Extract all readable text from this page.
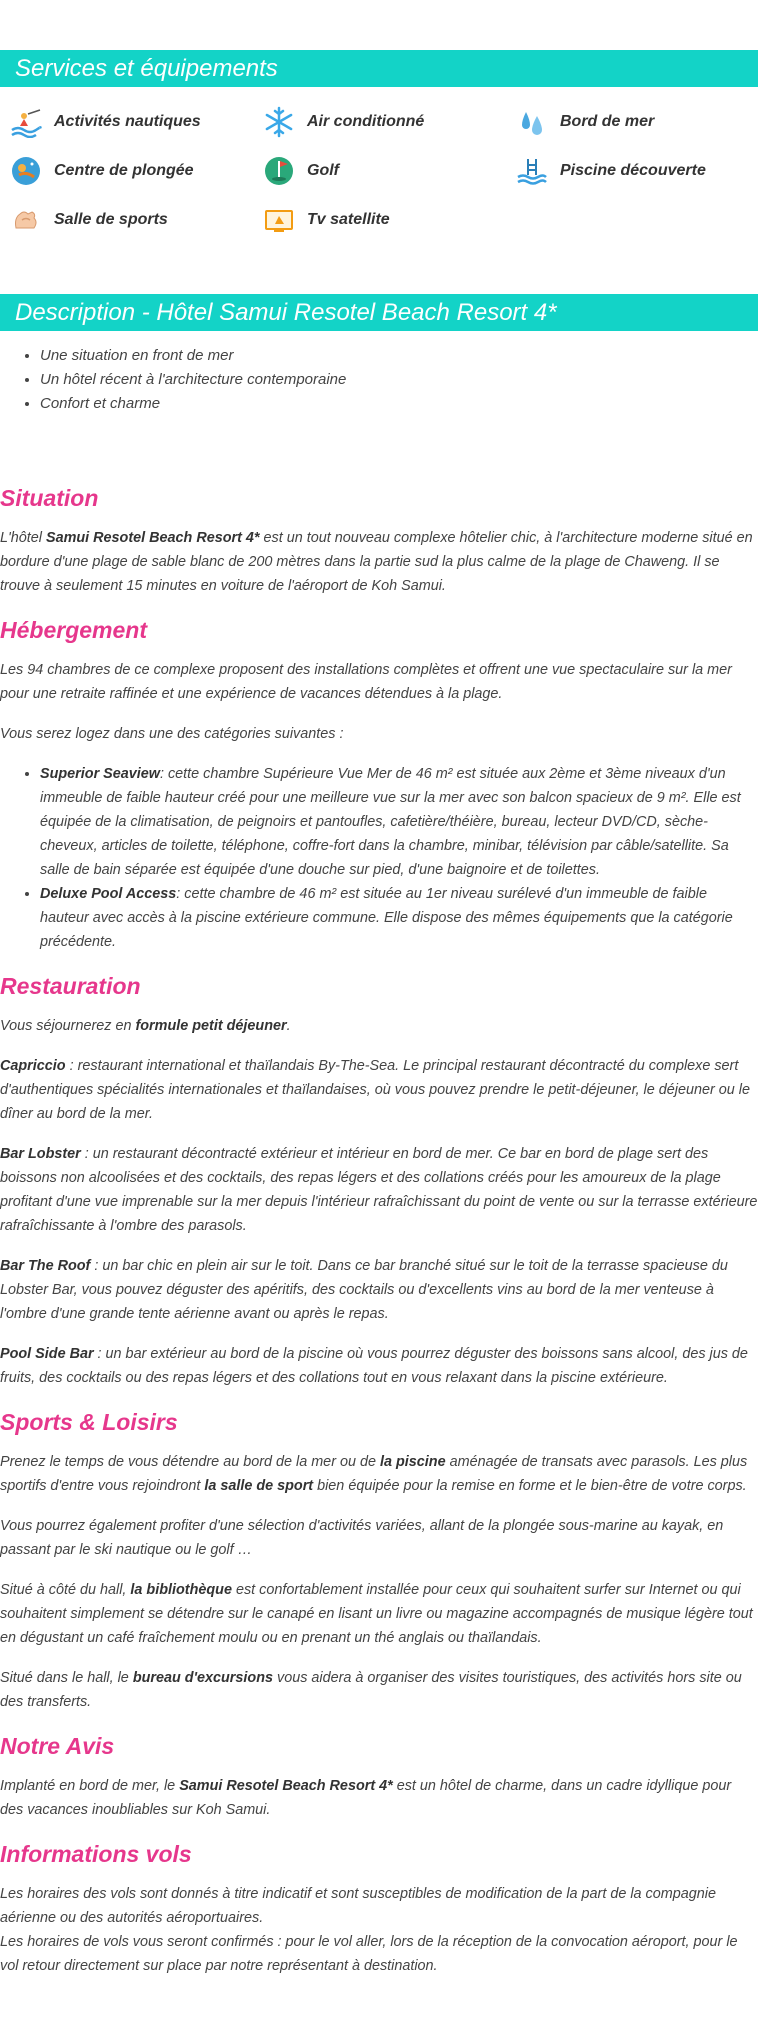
Services et équipements
Activités nautiques	Air conditionné	Bord de mer
Centre de plongée	Golf	Piscine découverte
Salle de sports	Tv satellite
Description - Hôtel Samui Resotel Beach Resort 4*
• Une situation en front de mer
• Un hôtel récent à l'architecture contemporaine
• Confort et charme
Situation

L'hôtel Samui Resotel Beach Resort 4* est un tout nouveau complexe hôtelier chic, à l'architecture moderne situé en bordure d'une plage de sable blanc de 200 mètres dans la partie sud la plus calme de la plage de Chaweng. Il se trouve à seulement 15 minutes en voiture de l'aéroport de Koh Samui.

Hébergement

Les 94 chambres de ce complexe proposent des installations complètes et offrent une vue spectaculaire sur la mer pour une retraite raffinée et une expérience de vacances détendues à la plage.

Vous serez logez dans une des catégories suivantes :

• Superior Seaview: cette chambre Supérieure Vue Mer de 46 m² est située aux 2ème et 3ème niveaux d'un immeuble de faible hauteur créé pour une meilleure vue sur la mer avec son balcon spacieux de 9 m². Elle est équipée de la climatisation, de peignoirs et pantoufles, cafetière/théière, bureau, lecteur DVD/CD, sèche-cheveux, articles de toilette, téléphone, coffre-fort dans la chambre, minibar, télévision par câble/satellite. Sa salle de bain séparée est équipée d'une douche sur pied, d'une baignoire et de toilettes.
• Deluxe Pool Access: cette chambre de 46 m² est située au 1er niveau surélevé d'un immeuble de faible hauteur avec accès à la piscine extérieure commune. Elle dispose des mêmes équipements que la catégorie précédente.
Restauration

Vous séjournerez en formule petit déjeuner.

Capriccio : restaurant international et thaïlandais By-The-Sea. Le principal restaurant décontracté du complexe sert d'authentiques spécialités internationales et thaïlandaises, où vous pouvez prendre le petit-déjeuner, le déjeuner ou le dîner au bord de la mer.

Bar Lobster : un restaurant décontracté extérieur et intérieur en bord de mer. Ce bar en bord de plage sert des boissons non alcoolisées et des cocktails, des repas légers et des collations créés pour les amoureux de la plage profitant d'une vue imprenable sur la mer depuis l'intérieur rafraîchissant du point de vente ou sur la terrasse extérieure rafraîchissante à l'ombre des parasols.

Bar The Roof : un bar chic en plein air sur le toit. Dans ce bar branché situé sur le toit de la terrasse spacieuse du Lobster Bar, vous pouvez déguster des apéritifs, des cocktails ou d'excellents vins au bord de la mer venteuse à l'ombre d'une grande tente aérienne avant ou après le repas.

Pool Side Bar : un bar extérieur au bord de la piscine où vous pourrez déguster des boissons sans alcool, des jus de fruits, des cocktails ou des repas légers et des collations tout en vous relaxant dans la piscine extérieure.

Sports & Loisirs

Prenez le temps de vous détendre au bord de la mer ou de la piscine aménagée de transats avec parasols. Les plus sportifs d'entre vous rejoindront la salle de sport bien équipée pour la remise en forme et le bien-être de votre corps.

Vous pourrez également profiter d'une sélection d'activités variées, allant de la plongée sous-marine au kayak, en passant par le ski nautique ou le golf …

Situé à côté du hall, la bibliothèque est confortablement installée pour ceux qui souhaitent surfer sur Internet ou qui souhaitent simplement se détendre sur le canapé en lisant un livre ou magazine accompagnés de musique légère tout en dégustant un café fraîchement moulu ou en prenant un thé anglais ou thaïlandais.

Situé dans le hall, le bureau d'excursions vous aidera à organiser des visites touristiques, des activités hors site ou des transferts.

Notre Avis

Implanté en bord de mer, le Samui Resotel Beach Resort 4* est un hôtel de charme, dans un cadre idyllique pour des vacances inoubliables sur Koh Samui.

Informations vols

Les horaires des vols sont donnés à titre indicatif et sont susceptibles de modification de la part de la compagnie aérienne ou des autorités aéroportuaires.

Les horaires de vols vous seront confirmés : pour le vol aller, lors de la réception de la convocation aéroport, pour le vol retour directement sur place par notre représentant à destination.
